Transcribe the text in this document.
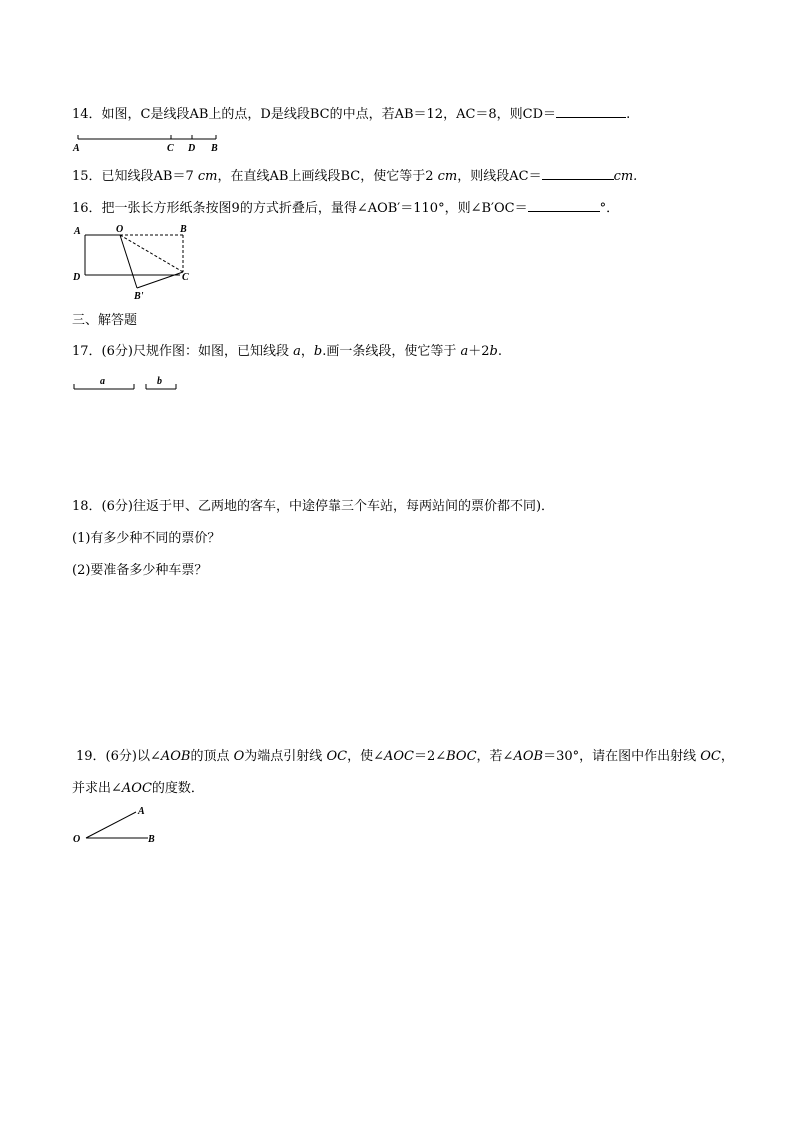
14．如图，C是线段AB上的点，D是线段BC的中点，若AB＝12，AC＝8，则CD＝	.
A	C D B
15．已知线段AB＝7 cm，在直线AB上画线段BC，使它等于2 cm，则线段AC＝	cm.
16．把一张长方形纸条按图9的方式折叠后，量得∠AOB′＝110°，则∠B′OC＝	°．
A	O	B
D	C
B'
三、解答题
17．(6分)尺规作图：如图，已知线段 a，b.画一条线段，使它等于 a＋2b.
a	b
18．(6分)往返于甲、乙两地的客车，中途停靠三个车站，每两站间的票价都不同)．
(1)有多少种不同的票价？
(2)要准备多少种车票？
19．(6分)以∠AOB的顶点 O为端点引射线 OC，使∠AOC＝2∠BOC，若∠AOB＝30°，请在图中作出射线 OC，
并求出∠AOC的度数．
A
O	B
